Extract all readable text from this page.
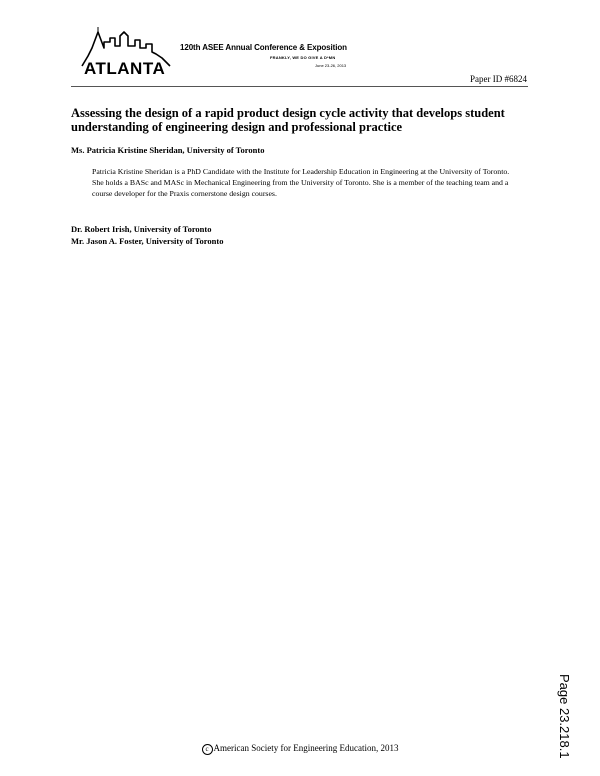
ATLANTA
120th ASEE Annual Conference & Exposition
FRANKLY, WE DO GIVE A D*MN
June 23-26, 2013
Paper ID #6824
Assessing the design of a rapid product design cycle activity that develops student understanding of engineering design and professional practice
Ms. Patricia Kristine Sheridan, University of Toronto

Patricia Kristine Sheridan is a PhD Candidate with the Institute for Leadership Education in Engineering at the University of Toronto. She holds a BASc and MASc in Mechanical Engineering from the University of Toronto. She is a member of the teaching team and a course developer for the Praxis cornerstone design courses.

Dr. Robert Irish, University of Toronto
Mr. Jason A. Foster, University of Toronto
Page 23.218.1
c American Society for Engineering Education, 2013
